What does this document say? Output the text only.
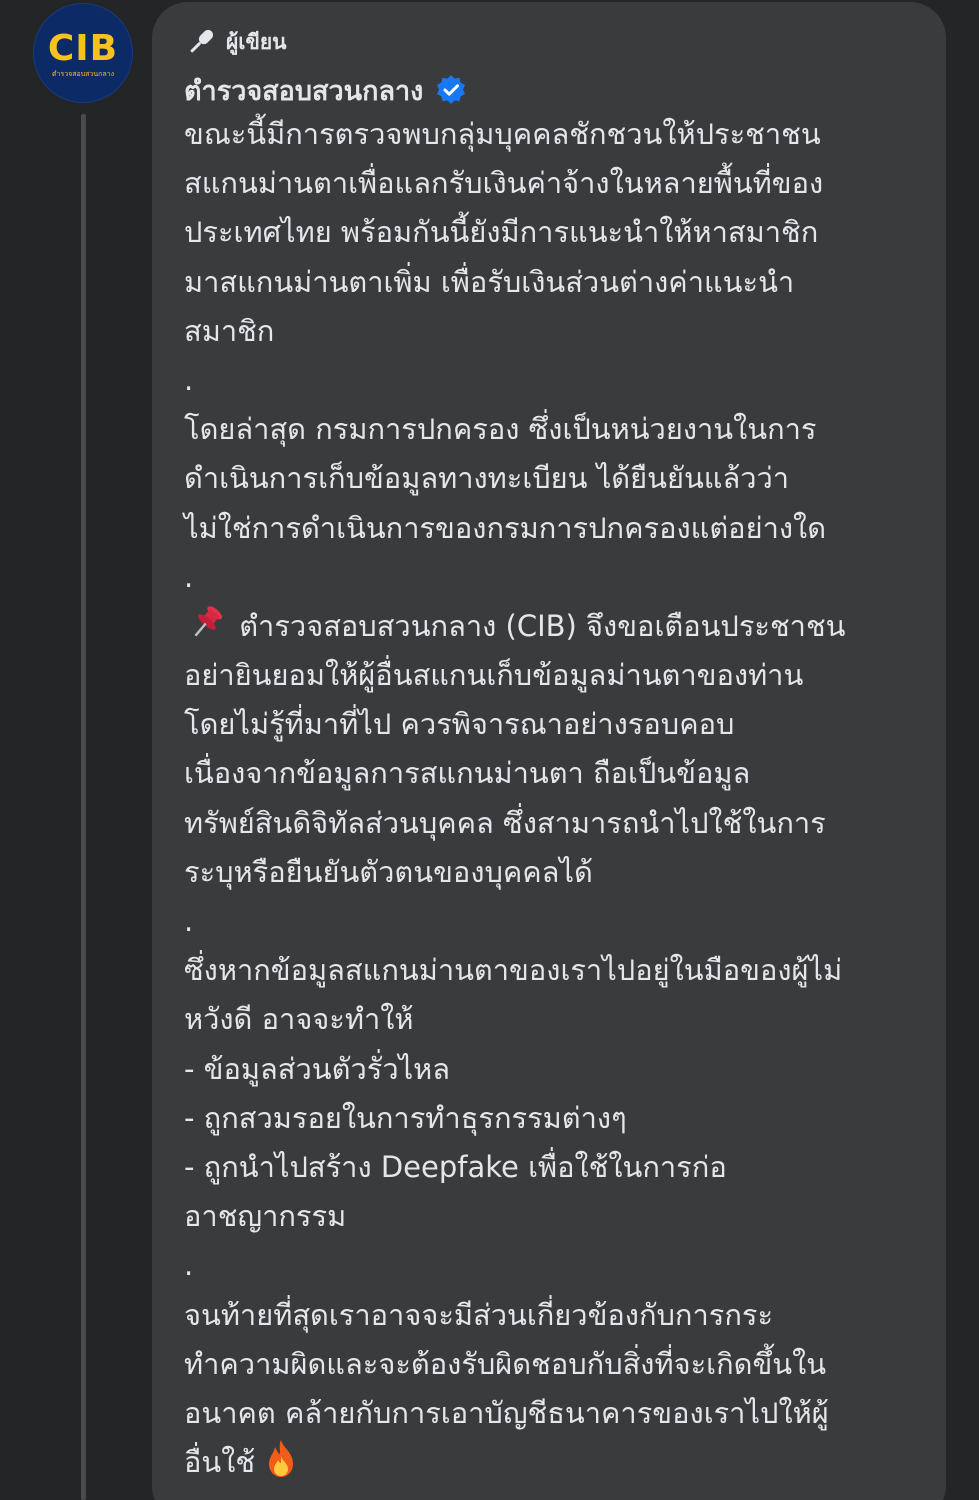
CIB
ตำรวจสอบสวนกลาง
ผู้เขียน
ตำรวจสอบสวนกลาง
ขณะนี้มีการตรวจพบกลุ่มบุคคลชักชวนให้ประชาชน
สแกนม่านตาเพื่อแลกรับเงินค่าจ้างในหลายพื้นที่ของ
ประเทศไทย พร้อมกันนี้ยังมีการแนะนำให้หาสมาชิก
มาสแกนม่านตาเพิ่ม เพื่อรับเงินส่วนต่างค่าแนะนำ
สมาชิก
.
โดยล่าสุด กรมการปกครอง ซึ่งเป็นหน่วยงานในการ
ดำเนินการเก็บข้อมูลทางทะเบียน ได้ยืนยันแล้วว่า
ไม่ใช่การดำเนินการของกรมการปกครองแต่อย่างใด
.
ตำรวจสอบสวนกลาง (CIB) จึงขอเตือนประชาชน
อย่ายินยอมให้ผู้อื่นสแกนเก็บข้อมูลม่านตาของท่าน
โดยไม่รู้ที่มาที่ไป ควรพิจารณาอย่างรอบคอบ
เนื่องจากข้อมูลการสแกนม่านตา ถือเป็นข้อมูล
ทรัพย์สินดิจิทัลส่วนบุคคล ซึ่งสามารถนำไปใช้ในการ
ระบุหรือยืนยันตัวตนของบุคคลได้
.
ซึ่งหากข้อมูลสแกนม่านตาของเราไปอยู่ในมือของผู้ไม่
หวังดี อาจจะทำให้
- ข้อมูลส่วนตัวรั่วไหล
- ถูกสวมรอยในการทำธุรกรรมต่างๆ
- ถูกนำไปสร้าง Deepfake เพื่อใช้ในการก่อ
อาชญากรรม
.
จนท้ายที่สุดเราอาจจะมีส่วนเกี่ยวข้องกับการกระ
ทำความผิดและจะต้องรับผิดชอบกับสิ่งที่จะเกิดขึ้นใน
อนาคต คล้ายกับการเอาบัญชีธนาคารของเราไปให้ผู้
อื่นใช้
